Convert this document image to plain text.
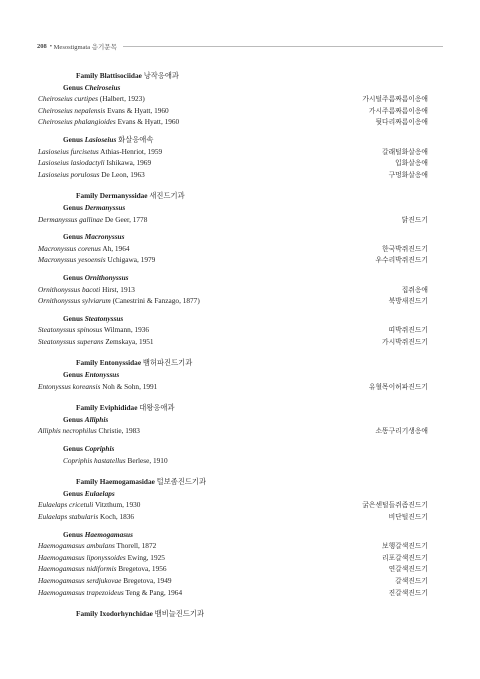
208 • Mesostigmata 응기문목
Family Blattisociidae 낭작응애과
Genus Cheiroseius
Cheiroseius curtipes (Halbert, 1923)	가시털주름짜름이응애
Cheiroseius nepalensis Evans & Hyatt, 1960	가시주름짜름이응애
Cheiroseius phalangioides Evans & Hyatt, 1960	뒷다리짜름이응애
Genus Lasioseius 화살응애속
Lasioseius furcisetus Athias-Henriot, 1959	갈래털화살응애
Lasioseius lasiodactyli Ishikawa, 1969	입화살응애
Lasioseius porulosus De Leon, 1963	구멍화살응애
Family Dermanyssidae 새진드기과
Genus Dermanyssus
Dermanyssus gallinae De Geer, 1778	닭진드기
Genus Macronyssus
Macronyssus corenus Ah, 1964	한국박쥐진드기
Macronyssus yesoensis Uchigawa, 1979	우수리박쥐진드기
Genus Ornithonyssus
Ornithonyssus bacoti Hirst, 1913	집쥐응애
Ornithonyssus sylviarum (Canestrini & Fanzago, 1877)	북방새진드기
Genus Steatonyssus
Steatonyssus spinosus Wilmann, 1936	띠박쥐진드기
Steatonyssus superans Zemskaya, 1951	가시박쥐진드기
Family Entonyssidae 뱀허파진드기과
Genus Entonyssus
Entonyssus koreansis Noh & Sohn, 1991	유혈목이허파진드기
Family Eviphididae 대왕응애과
Genus Alliphis
Alliphis necrophilus Christie, 1983	소똥구리기생응애
Genus Copriphis
Copriphis hastatellus Berlese, 1910
Family Haemogamasidae 털보좀진드기과
Genus Eulaelaps
Eulaelaps cricetuli Vitzthum, 1930	굵은센털들쥐좀진드기
Eulaelaps stabularis Koch, 1836	비단털진드기
Genus Haemogamasus
Haemogamasus ambulans Thorell, 1872	보행갈색진드기
Haemogamasus liponyssoides Ewing, 1925	리포갈색진드기
Haemogamasus nidiformis Bregetova, 1956	연갈색진드기
Haemogamasus serdjukovae Bregetova, 1949	갈색진드기
Haemogamasus trapezoideus Teng & Pang, 1964	진갈색진드기
Family Ixodorhynchidae 뱀비늘진드기과
